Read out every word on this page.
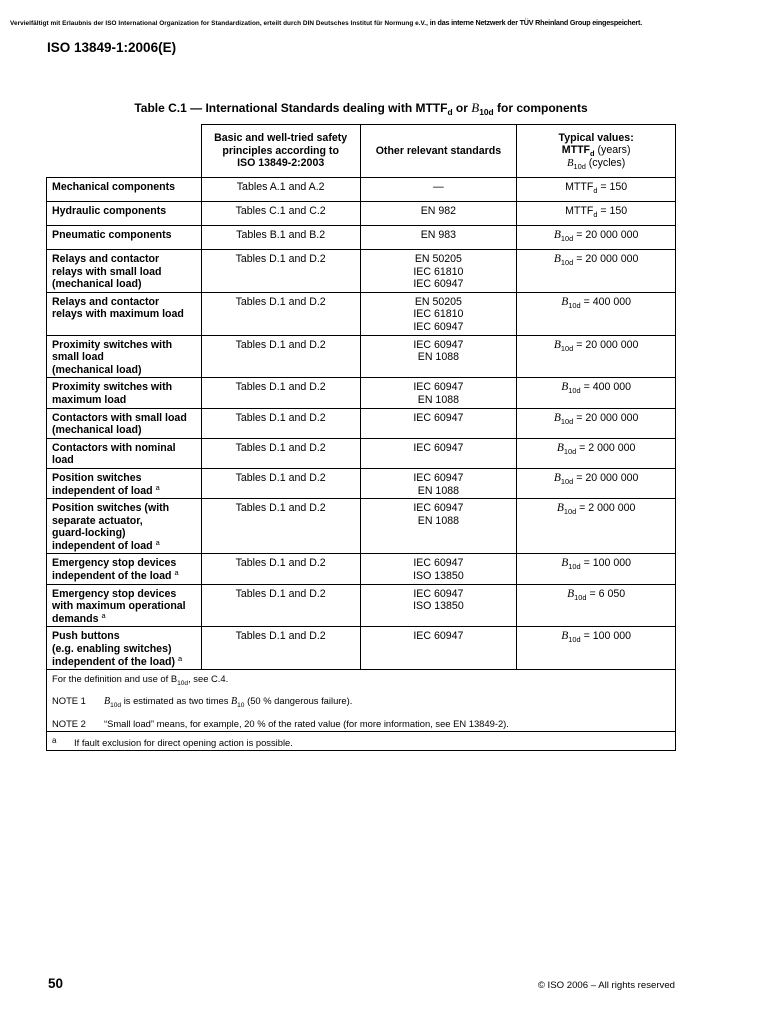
Vervielfältigt mit Erlaubnis der ISO International Organization for Standardization, erteilt durch DIN Deutsches Institut für Normung e.V., in das interne Netzwerk der TÜV Rheinland Group eingespeichert.
ISO 13849-1:2006(E)
Table C.1 — International Standards dealing with $MTTF_d$ or $B_{10d}$ for components
	Basic and well-tried safety
principles according to
ISO 13849-2:2003	Other relevant standards	Typical values:
$MTTF_d$ (years)
$B_{10d}$ (cycles)
Mechanical components	Tables A.1 and A.2	—	$MTTF_d = 150$
Hydraulic components	Tables C.1 and C.2	EN 982	$MTTF_d = 150$
Pneumatic components	Tables B.1 and B.2	EN 983	$B_{10d} = 20$ 000 000
Relays and contactor
relays with small load
(mechanical load)	Tables D.1 and D.2	EN 50205
IEC 61810
IEC 60947	$B_{10d} = 20$ 000 000
Relays and contactor
relays with maximum load	Tables D.1 and D.2	EN 50205
IEC 61810
IEC 60947	$B_{10d} = 400$ 000
Proximity switches with
small load
(mechanical load)	Tables D.1 and D.2	IEC 60947
EN 1088	$B_{10d} = 20$ 000 000
Proximity switches with
maximum load	Tables D.1 and D.2	IEC 60947
EN 1088	$B_{10d} = 400$ 000
Contactors with small load
(mechanical load)	Tables D.1 and D.2	IEC 60947	$B_{10d} = 20$ 000 000
Contactors with nominal
load	Tables D.1 and D.2	IEC 60947	$B_{10d} = 2$ 000 000
Position switches
independent of load $^a$	Tables D.1 and D.2	IEC 60947
EN 1088	$B_{10d} = 20$ 000 000
Position switches (with
separate actuator,
guard-locking)
independent of load $^a$	Tables D.1 and D.2	IEC 60947
EN 1088	$B_{10d} = 2$ 000 000
Emergency stop devices
independent of the load $^a$	Tables D.1 and D.2	IEC 60947
ISO 13850	$B_{10d} = 100$ 000
Emergency stop devices
with maximum operational
demands $^a$	Tables D.1 and D.2	IEC 60947
ISO 13850	$B_{10d} = 6$ 050
Push buttons
(e.g. enabling switches)
independent of the load) $^a$	Tables D.1 and D.2	IEC 60947	$B_{10d} = 100$ 000

For the definition and use of $B_{10d}$, see C.4.
NOTE 1 $B_{10d}$ is estimated as two times $B_{10}$ (50 % dangerous failure).
NOTE 2 “Small load” means, for example, 20 % of the rated value (for more information, see EN 13849-2).			

a If fault exclusion for direct opening action is possible.			
50	© ISO 2006 – All rights reserved
